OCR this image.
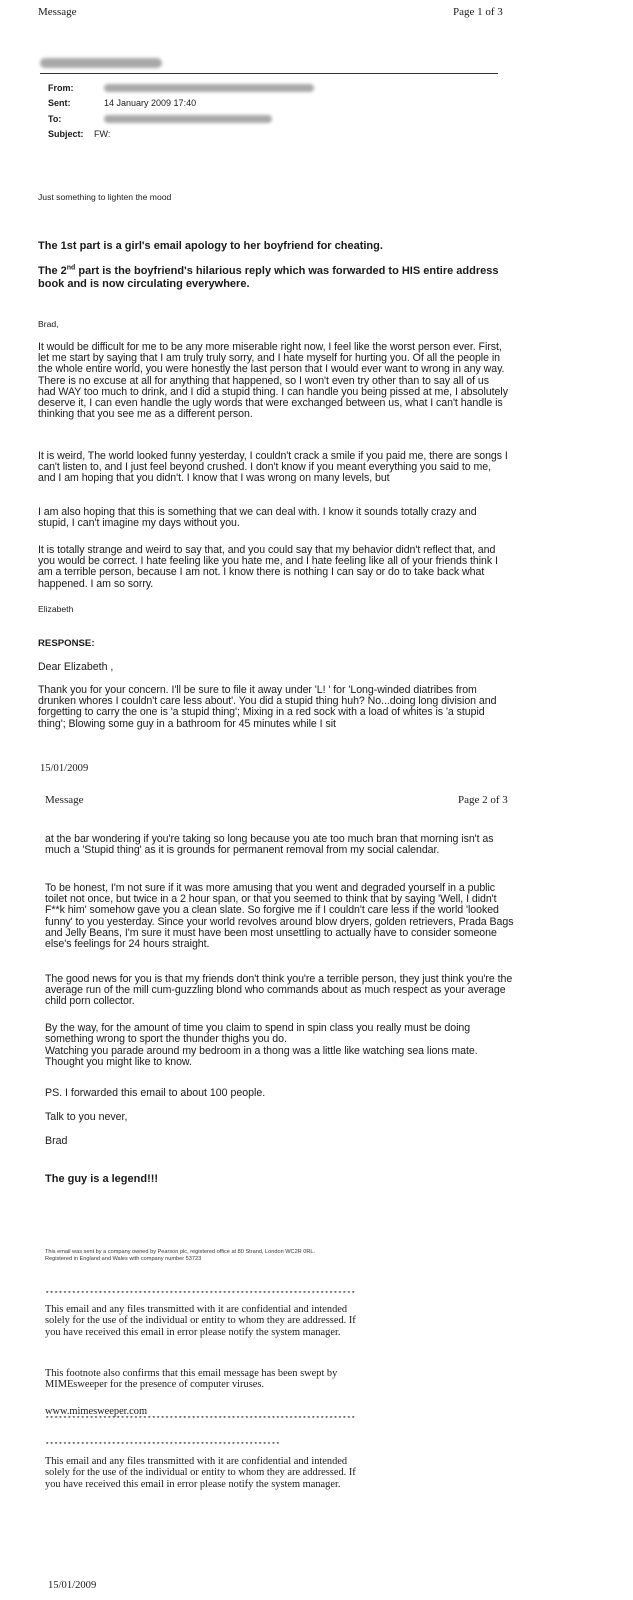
Message	Page 1 of 3
From:
Sent:	14 January 2009 17:40
To:
Subject: FW:
Just something to lighten the mood
The 1st part is a girl's email apology to her boyfriend for cheating.
The 2nd part is the boyfriend's hilarious reply which was forwarded to HIS entire address book and is now circulating everywhere.
Brad,

It would be difficult for me to be any more miserable right now, I feel like the worst person ever. First, let me start by saying that I am truly truly sorry, and I hate myself for hurting you. Of all the people in the whole entire world, you were honestly the last person that I would ever want to wrong in any way. There is no excuse at all for anything that happened, so I won't even try other than to say all of us had WAY too much to drink, and I did a stupid thing. I can handle you being pissed at me, I absolutely deserve it, I can even handle the ugly words that were exchanged between us, what I can't handle is thinking that you see me as a different person.

It is weird, The world looked funny yesterday, I couldn't crack a smile if you paid me, there are songs I can't listen to, and I just feel beyond crushed. I don't know if you meant everything you said to me, and I am hoping that you didn't. I know that I was wrong on many levels, but

I am also hoping that this is something that we can deal with. I know it sounds totally crazy and stupid, I can't imagine my days without you.

It is totally strange and weird to say that, and you could say that my behavior didn't reflect that, and you would be correct. I hate feeling like you hate me, and I hate feeling like all of your friends think I am a terrible person, because I am not. I know there is nothing I can say or do to take back what happened. I am so sorry.

Elizabeth
RESPONSE:
Dear Elizabeth ,

Thank you for your concern. I'll be sure to file it away under 'L! ' for 'Long-winded diatribes from drunken whores I couldn't care less about'. You did a stupid thing huh? No...doing long division and forgetting to carry the one is 'a stupid thing'; Mixing in a red sock with a load of whites is 'a stupid thing'; Blowing some guy in a bathroom for 45 minutes while I sit

15/01/2009
Message	Page 2 of 3

at the bar wondering if you're taking so long because you ate too much bran that morning isn't as much a 'Stupid thing' as it is grounds for permanent removal from my social calendar.

To be honest, I'm not sure if it was more amusing that you went and degraded yourself in a public toilet not once, but twice in a 2 hour span, or that you seemed to think that by saying 'Well, I didn't F**k him' somehow gave you a clean slate. So forgive me if I couldn't care less if the world 'looked funny' to you yesterday. Since your world revolves around blow dryers, golden retrievers, Prada Bags and Jelly Beans, I'm sure it must have been most unsettling to actually have to consider someone else's feelings for 24 hours straight.

The good news for you is that my friends don't think you're a terrible person, they just think you're the average run of the mill cum-guzzling blond who commands about as much respect as your average child porn collector.

By the way, for the amount of time you claim to spend in spin class you really must be doing something wrong to sport the thunder thighs you do.

Watching you parade around my bedroom in a thong was a little like watching sea lions mate. Thought you might like to know.

PS. I forwarded this email to about 100 people.
Talk to you never,
Brad
The guy is a legend!!!
This email was sent by a company owned by Pearson plc, registered office at 80 Strand, London WC2R 0RL.
Registered in England and Wales with company number 53723
**********************************************************************

This email and any files transmitted with it are confidential and intended solely for the use of the individual or entity to whom they are addressed. If you have received this email in error please notify the system manager.

This footnote also confirms that this email message has been swept by MIMEsweeper for the presence of computer viruses.

www.mimesweeper.com
**********************************************************************
*****************************************************

This email and any files transmitted with it are confidential and intended solely for the use of the individual or entity to whom they are addressed. If you have received this email in error please notify the system manager.

15/01/2009
